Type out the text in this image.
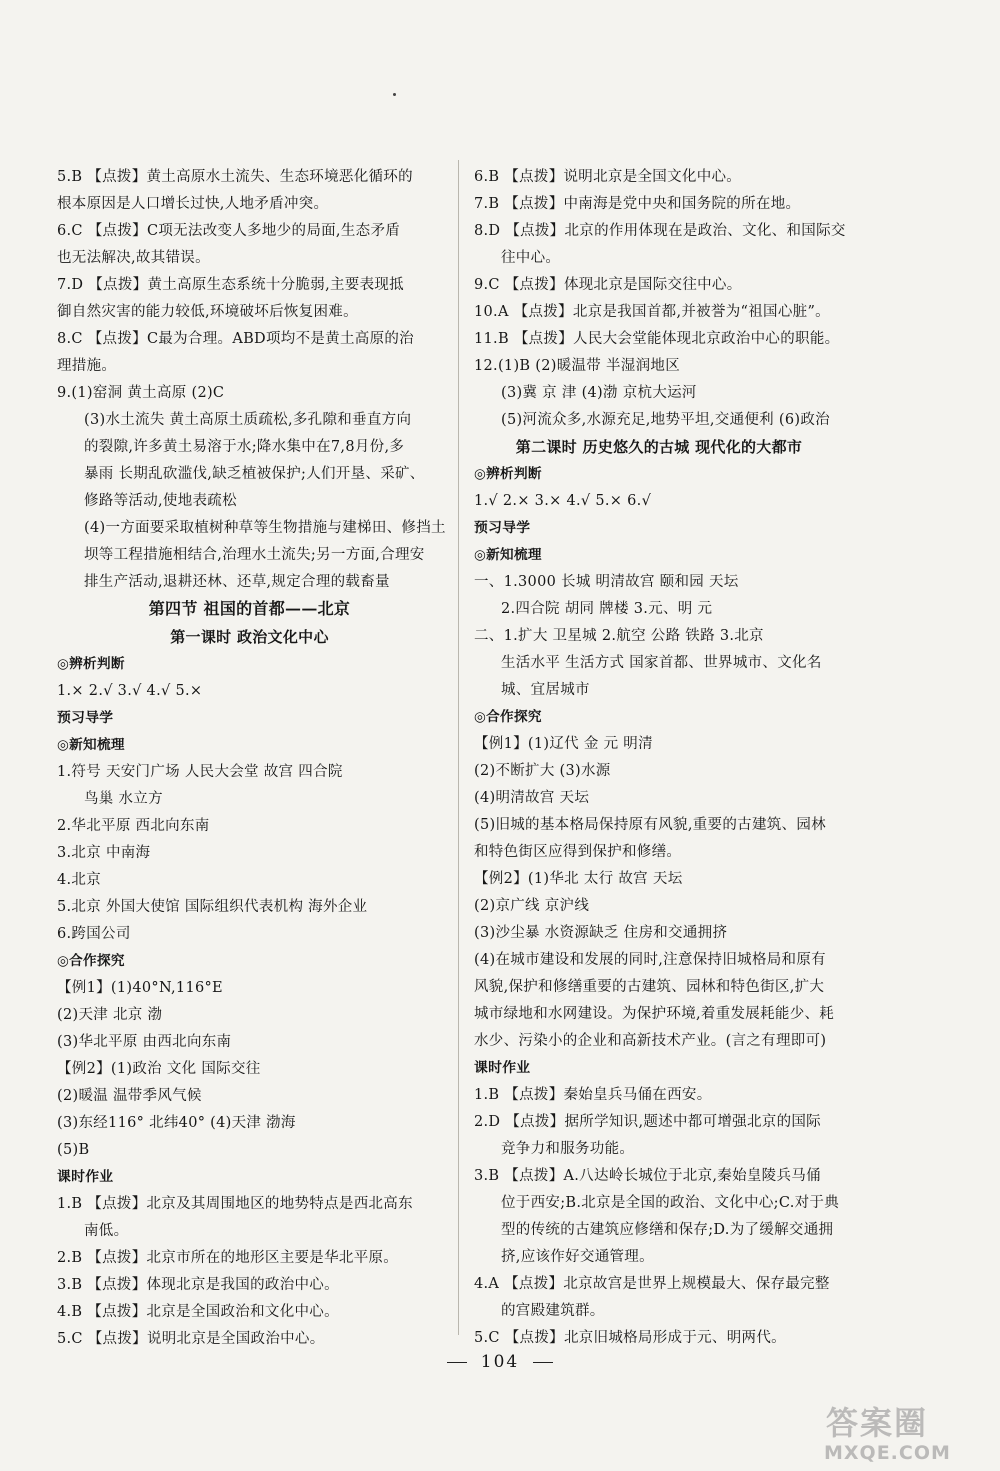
5.B 【点拨】黄土高原水土流失、生态环境恶化循环的
根本原因是人口增长过快,人地矛盾冲突。
6.C 【点拨】C项无法改变人多地少的局面,生态矛盾
也无法解决,故其错误。
7.D 【点拨】黄土高原生态系统十分脆弱,主要表现抵
御自然灾害的能力较低,环境破坏后恢复困难。
8.C 【点拨】C最为合理。ABD项均不是黄土高原的治
理措施。
9.(1)窑洞 黄土高原 (2)C
(3)水土流失 黄土高原土质疏松,多孔隙和垂直方向
的裂隙,许多黄土易溶于水;降水集中在7,8月份,多
暴雨 长期乱砍滥伐,缺乏植被保护;人们开垦、采矿、
修路等活动,使地表疏松
(4)一方面要采取植树种草等生物措施与建梯田、修挡土
坝等工程措施相结合,治理水土流失;另一方面,合理安
排生产活动,退耕还林、还草,规定合理的载畜量
第四节 祖国的首都——北京
第一课时 政治文化中心
◎辨析判断
1.× 2.√ 3.√ 4.√ 5.×
预习导学
◎新知梳理
1.符号 天安门广场 人民大会堂 故宫 四合院
鸟巢 水立方
2.华北平原 西北向东南
3.北京 中南海
4.北京
5.北京 外国大使馆 国际组织代表机构 海外企业
6.跨国公司
◎合作探究
【例1】(1)40°N,116°E
(2)天津 北京 渤
(3)华北平原 由西北向东南
【例2】(1)政治 文化 国际交往
(2)暖温 温带季风气候
(3)东经116° 北纬40° (4)天津 渤海
(5)B
课时作业
1.B 【点拨】北京及其周围地区的地势特点是西北高东
南低。
2.B 【点拨】北京市所在的地形区主要是华北平原。
3.B 【点拨】体现北京是我国的政治中心。
4.B 【点拨】北京是全国政治和文化中心。
5.C 【点拨】说明北京是全国政治中心。
6.B 【点拨】说明北京是全国文化中心。
7.B 【点拨】中南海是党中央和国务院的所在地。
8.D 【点拨】北京的作用体现在是政治、文化、和国际交
往中心。
9.C 【点拨】体现北京是国际交往中心。
10.A 【点拨】北京是我国首都,并被誉为“祖国心脏”。
11.B 【点拨】人民大会堂能体现北京政治中心的职能。
12.(1)B (2)暖温带 半湿润地区
(3)冀 京 津 (4)渤 京杭大运河
(5)河流众多,水源充足,地势平坦,交通便利 (6)政治
第二课时 历史悠久的古城 现代化的大都市
◎辨析判断
1.√ 2.× 3.× 4.√ 5.× 6.√
预习导学
◎新知梳理
一、1.3000 长城 明清故宫 颐和园 天坛
2.四合院 胡同 牌楼 3.元、明 元
二、1.扩大 卫星城 2.航空 公路 铁路 3.北京
生活水平 生活方式 国家首都、世界城市、文化名
城、宜居城市
◎合作探究
【例1】(1)辽代 金 元 明清
(2)不断扩大 (3)水源
(4)明清故宫 天坛
(5)旧城的基本格局保持原有风貌,重要的古建筑、园林
和特色街区应得到保护和修缮。
【例2】(1)华北 太行 故宫 天坛
(2)京广线 京沪线
(3)沙尘暴 水资源缺乏 住房和交通拥挤
(4)在城市建设和发展的同时,注意保持旧城格局和原有
风貌,保护和修缮重要的古建筑、园林和特色街区,扩大
城市绿地和水网建设。为保护环境,着重发展耗能少、耗
水少、污染小的企业和高新技术产业。(言之有理即可)
课时作业
1.B 【点拨】秦始皇兵马俑在西安。
2.D 【点拨】据所学知识,题述中都可增强北京的国际
竞争力和服务功能。
3.B 【点拨】A.八达岭长城位于北京,秦始皇陵兵马俑
位于西安;B.北京是全国的政治、文化中心;C.对于典
型的传统的古建筑应修缮和保存;D.为了缓解交通拥
挤,应该作好交通管理。
4.A 【点拨】北京故宫是世界上规模最大、保存最完整
的宫殿建筑群。
5.C 【点拨】北京旧城格局形成于元、明两代。
104
答案圈
MXQE.COM
